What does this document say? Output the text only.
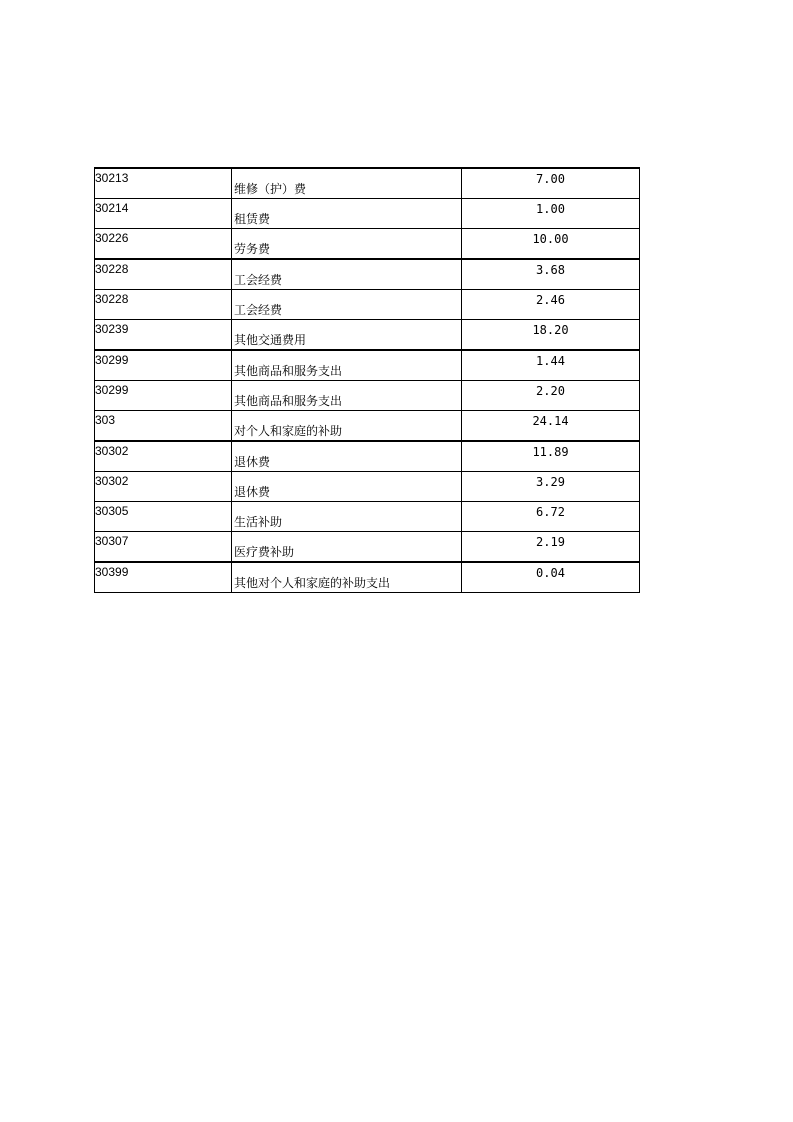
30213	维修（护）费	7.00
30214	租赁费	1.00
30226	劳务费	10.00
30228	工会经费	3.68
30228	工会经费	2.46
30239	其他交通费用	18.20
30299	其他商品和服务支出	1.44
30299	其他商品和服务支出	2.20
303	对个人和家庭的补助	24.14
30302	退休费	11.89
30302	退休费	3.29
30305	生活补助	6.72
30307	医疗费补助	2.19
30399	其他对个人和家庭的补助支出	0.04
